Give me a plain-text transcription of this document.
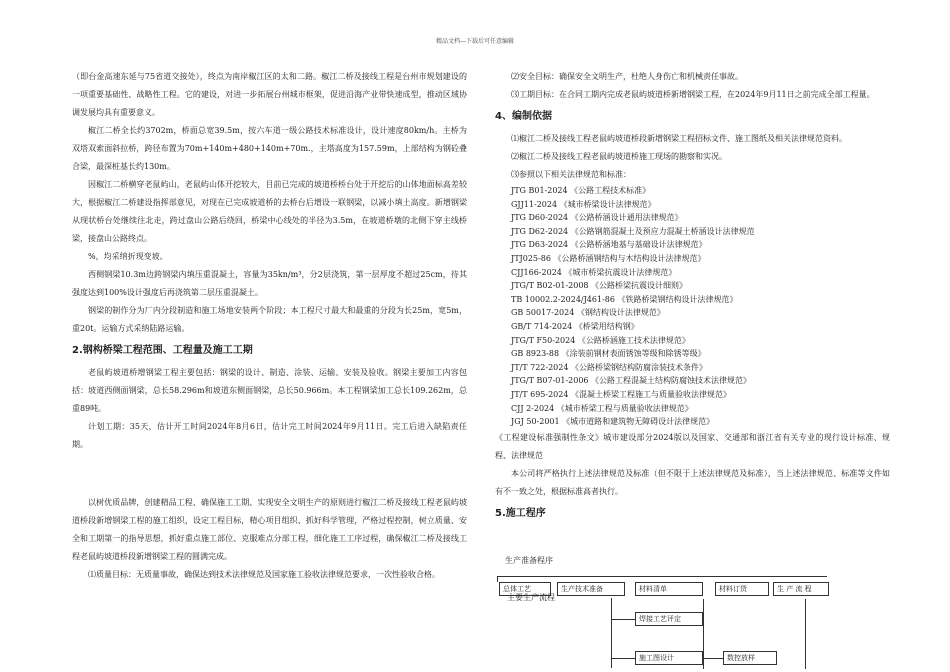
精品文档---下载后可任意编辑

（即台金高速东延与75省道交接处），终点为南岸椒江区的太和二路。椒江二桥及接线工程是台州市规划建设的一项重要基础性、战略性工程。它的建设，对进一步拓展台州城市框架，促进沿海产业带快速成型，推动区域协调发展均具有重要意义。

椒江二桥全长约3702m，桥面总宽39.5m，按六车道一级公路技术标准设计，设计速度80km/h。主桥为双塔双索面斜拉桥，跨径布置为70m+140m+480+140m+70m.，主塔高度为157.59m，上部结构为钢砼叠合梁，最深桩基长约130m。

因椒江二桥横穿老鼠屿山，老鼠屿山体开挖较大，目前已完成的坡道桥桥台处于开挖后的山体地面标高差较大，根据椒江二桥建设指挥部意见，对现在已完成坡道桥的去桥台后增设一联钢梁，以减小填土高度。新增钢梁从现状桥台处继续往北走，跨过盘山公路后绕回，桥梁中心线处的半径为3.5m，在坡道桥墩的北侧下穿主线桥梁，接盘山公路终点。

%，均采纳折现变坡。

西侧钢梁10.3m边跨钢梁内填压重混凝土，容量为35kn/m³，分2层浇筑，第一层厚度不超过25cm，待其强度达到100%设计强度后再浇筑第二层压重混凝土。

钢梁的制作分为厂内分段制造和施工场地安装两个阶段；本工程尺寸最大和最重的分段为长25m，宽5m，重20t。运输方式采纳陆路运输。

2.钢构桥梁工程范围、工程量及施工工期

老鼠屿坡道桥增钢梁工程主要包括：钢梁的设计、制造、涂装、运输、安装及验收。钢梁主要加工内容包括：坡道西侧面钢梁，总长58.296m和坡道东侧面钢梁，总长50.966m。本工程钢梁加工总长109.262m，总重89吨。

计划工期：35天，估计开工时间2024年8月6日，估计完工时间2024年9月11日。完工后进入缺陷责任期。

以树优质品牌，创建精品工程、确保施工工期、实现安全文明生产的原则进行椒江二桥及接线工程老鼠屿坡道桥段新增钢梁工程的施工组织，设定工程目标，精心项目组织、抓好科学管理，严格过程控制，树立质量、安全和工期第一的指导思想，抓好重点施工部位、克服难点分部工程，细化施工工序过程，确保椒江二桥及接线工程老鼠屿坡道桥段新增钢梁工程的圆满完成。

⑴质量目标：无质量事故，确保达到技术法律规范及国家施工验收法律规范要求，一次性验收合格。

⑵安全目标：确保安全文明生产，杜绝人身伤亡和机械责任事故。

⑶工期目标：在合同工期内完成老鼠屿坡道桥新增钢梁工程，在2024年9月11日之前完成全部工程量。

4、编制依据

⑴椒江二桥及接线工程老鼠屿坡道桥段新增钢梁工程招标文件、施工图纸及相关法律规范资料。

⑵椒江二桥及接线工程老鼠屿坡道桥施工现场的勘察和实况。

⑶参照以下相关法律规范和标准：

JTG B01-2024 《公路工程技术标准》
GJJ11-2024 《城市桥梁设计法律规范》
JTG D60-2024 《公路桥涵设计通用法律规范》
JTG D62-2024 《公路钢筋混凝土及预应力混凝土桥涵设计法律规范
JTG D63-2024 《公路桥涵地基与基础设计法律规范》
JTJ025-86 《公路桥涵钢结构与木结构设计法律规范》
CJJ166-2024 《城市桥梁抗震设计法律规范》
JTG/T B02-01-2008 《公路桥梁抗震设计细则》
TB 10002.2-2024/J461-86 《铁路桥梁钢结构设计法律规范》
GB 50017-2024 《钢结构设计法律规范》
GB/T 714-2024 《桥梁用结构钢》
JTG/T F50-2024 《公路桥涵施工技术法律规范》
GB 8923-88 《涂装前钢材表面锈蚀等级和除锈等级》
JT/T 722-2024 《公路桥梁钢结构防腐涂装技术条件》
JTG/T B07-01-2006 《公路工程混凝土结构防腐蚀技术法律规范》
JT/T 695-2024 《混凝土桥梁工程施工与质量验收法律规范》
CJJ 2-2024 《城市桥梁工程与质量验收法律规范》
JGJ 50-2001 《城市道路和建筑物无障碍设计法律规范》

《工程建设标准强制性条文》城市建设部分2024版以及国家、交通部和浙江省有关专业的现行设计标准、规程、法律规范

本公司将严格执行上述法律规范及标准（但不限于上述法律规范及标准），当上述法律规范、标准等文件如有不一致之处，根据标准高者执行。

5.施工程序
生产准备程序
总体工艺	生产技术准备	材料清单	材料订货	生 产 流 程
主要生产流程
焊接工艺评定
施工图设计	数控放样
